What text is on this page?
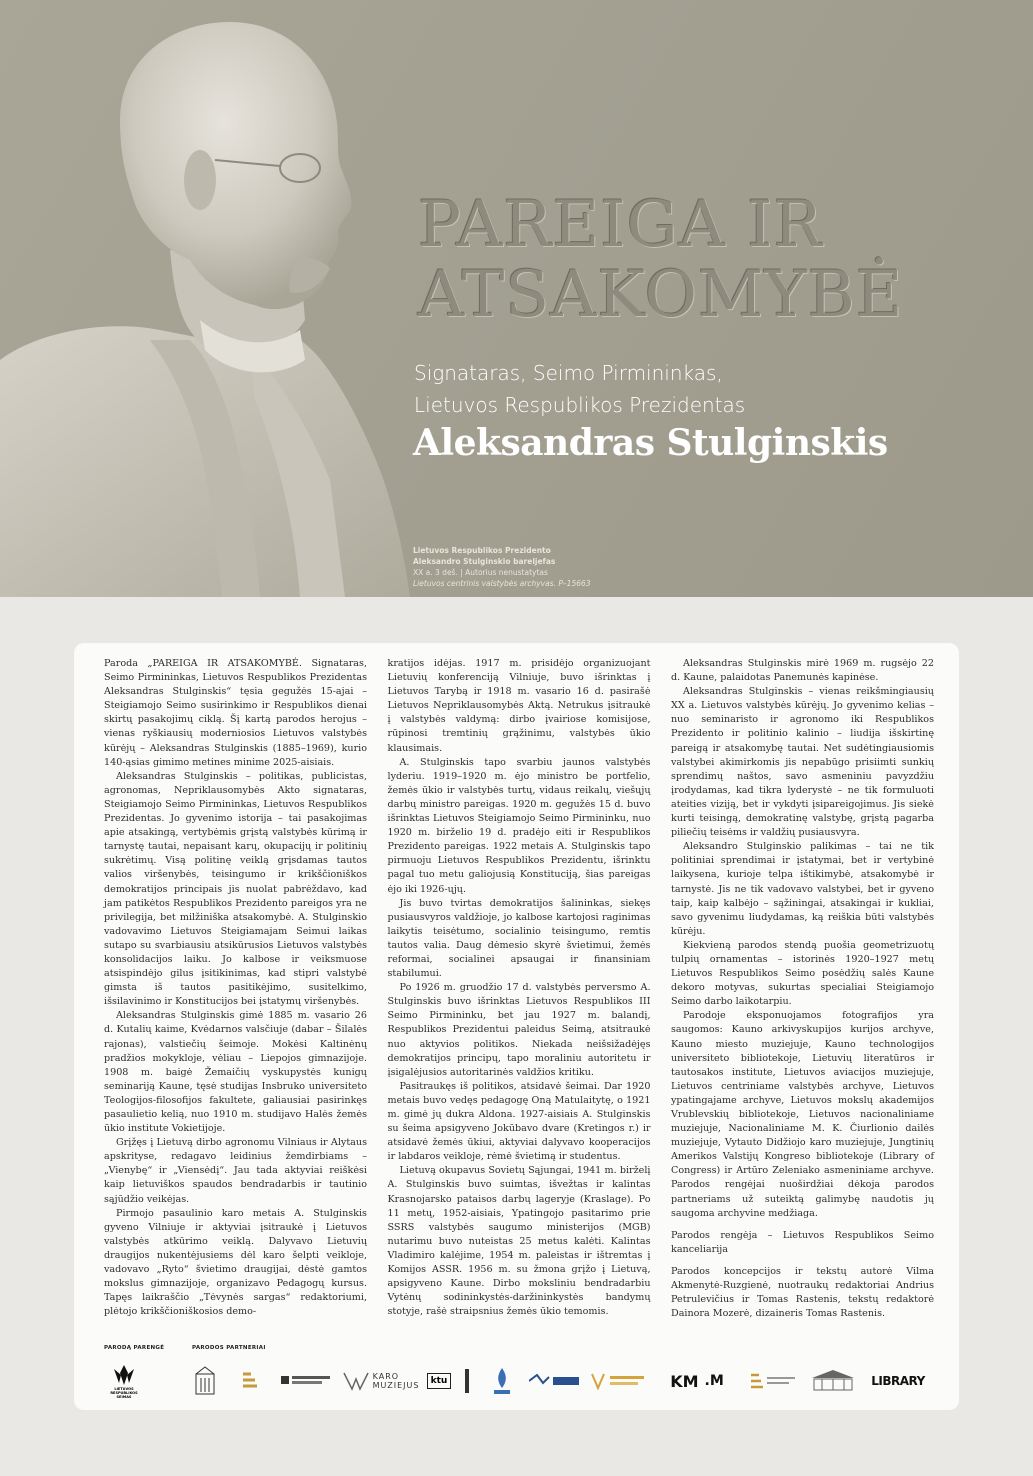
PAREIGA IR
ATSAKOMYBĖ
Signataras, Seimo Pirmininkas,
Lietuvos Respublikos Prezidentas
Aleksandras Stulginskis
Lietuvos Respublikos Prezidento
Aleksandro Stulginskio bareljefas
XX a. 3 deš. | Autorius nenustatytas
Lietuvos centrinis valstybės archyvas. P–15663

Paroda „PAREIGA IR ATSAKOMYBĖ. Signataras, Seimo Pirmininkas, Lietuvos Respublikos Prezidentas Aleksandras Stulginskis“ tęsia gegužės 15-ajai – Steigiamojo Seimo susirinkimo ir Respublikos dienai skirtų pasakojimų ciklą. Šį kartą parodos herojus – vienas ryškiausių moderniosios Lietuvos valstybės kūrėjų – Aleksandras Stulginskis (1885–1969), kurio 140-ąsias gimimo metines minime 2025-aisiais.

Aleksandras Stulginskis – politikas, publicistas, agronomas, Nepriklausomybės Akto signataras, Steigiamojo Seimo Pirmininkas, Lietuvos Respublikos Prezidentas. Jo gyvenimo istorija – tai pasakojimas apie atsakingą, vertybėmis grįstą valstybės kūrimą ir tarnystę tautai, nepaisant karų, okupacijų ir politinių sukrėtimų. Visą politinę veiklą grįsdamas tautos valios viršenybės, teisingumo ir krikščioniškos demokratijos principais jis nuolat pabrėždavo, kad jam patikėtos Respublikos Prezidento pareigos yra ne privilegija, bet milžiniška atsakomybė. A. Stulginskio vadovavimo Lietuvos Steigiamajam Seimui laikas sutapo su svarbiausiu atsikūrusios Lietuvos valstybės konsolidacijos laiku. Jo kalbose ir veiksmuose atsispindėjo gilus įsitikinimas, kad stipri valstybė gimsta iš tautos pasitikėjimo, susitelkimo, išsilavinimo ir Konstitucijos bei įstatymų viršenybės.

Aleksandras Stulginskis gimė 1885 m. vasario 26 d. Kutalių kaime, Kvėdarnos valsčiuje (dabar – Šilalės rajonas), valstiečių šeimoje. Mokėsi Kaltinėnų pradžios mokykloje, vėliau – Liepojos gimnazijoje. 1908 m. baigė Žemaičių vyskupystės kunigų seminariją Kaune, tęsė studijas Insbruko universiteto Teologijos-filosofijos fakultete, galiausiai pasirinkęs pasaulietio kelią, nuo 1910 m. studijavo Halės žemės ūkio institute Vokietijoje.

Grįžęs į Lietuvą dirbo agronomu Vilniaus ir Alytaus apskrityse, redagavo leidinius žemdirbiams – „Vienybę“ ir „Viensėdį“. Jau tada aktyviai reiškėsi kaip lietuviškos spaudos bendradarbis ir tautinio sąjūdžio veikėjas.

Pirmojo pasaulinio karo metais A. Stulginskis gyveno Vilniuje ir aktyviai įsitraukė į Lietuvos valstybės atkūrimo veiklą. Dalyvavo Lietuvių draugijos nukentėjusiems dėl karo šelpti veikloje, vadovavo „Ryto“ švietimo draugijai, dėstė gamtos mokslus gimnazijoje, organizavo Pedagogų kursus. Tapęs laikraščio „Tėvynės sargas“ redaktoriumi, plėtojo krikščioniškosios demo-

kratijos idėjas. 1917 m. prisidėjo organizuojant Lietuvių konferenciją Vilniuje, buvo išrinktas į Lietuvos Tarybą ir 1918 m. vasario 16 d. pasirašė Lietuvos Nepriklausomybės Aktą. Netrukus įsitraukė į valstybės valdymą: dirbo įvairiose komisijose, rūpinosi tremtinių grąžinimu, valstybės ūkio klausimais.

A. Stulginskis tapo svarbiu jaunos valstybės lyderiu. 1919–1920 m. ėjo ministro be portfelio, žemės ūkio ir valstybės turtų, vidaus reikalų, viešųjų darbų ministro pareigas. 1920 m. gegužės 15 d. buvo išrinktas Lietuvos Steigiamojo Seimo Pirmininku, nuo 1920 m. birželio 19 d. pradėjo eiti ir Respublikos Prezidento pareigas. 1922 metais A. Stulginskis tapo pirmuoju Lietuvos Respublikos Prezidentu, išrinktu pagal tuo metu galiojusią Konstituciją, šias pareigas ėjo iki 1926-ųjų.

Jis buvo tvirtas demokratijos šalininkas, siekęs pusiausvyros valdžioje, jo kalbose kartojosi raginimas laikytis teisėtumo, socialinio teisingumo, remtis tautos valia. Daug dėmesio skyrė švietimui, žemės reformai, socialinei apsaugai ir finansiniam stabilumui.

Po 1926 m. gruodžio 17 d. valstybės perversmo A. Stulginskis buvo išrinktas Lietuvos Respublikos III Seimo Pirmininku, bet jau 1927 m. balandį, Respublikos Prezidentui paleidus Seimą, atsitraukė nuo aktyvios politikos. Niekada neišsižadėjęs demokratijos principų, tapo moraliniu autoritetu ir įsigalėjusios autoritarinės valdžios kritiku.

Pasitraukęs iš politikos, atsidavė šeimai. Dar 1920 metais buvo vedęs pedagogę Oną Matulaitytę, o 1921 m. gimė jų dukra Aldona. 1927-aisiais A. Stulginskis su šeima apsigyveno Jokūbavo dvare (Kretingos r.) ir atsidavė žemės ūkiui, aktyviai dalyvavo kooperacijos ir labdaros veikloje, rėmė švietimą ir studentus.

Lietuvą okupavus Sovietų Sąjungai, 1941 m. birželį A. Stulginskis buvo suimtas, išvežtas ir kalintas Krasnojarsko pataisos darbų lageryje (Kraslage). Po 11 metų, 1952-aisiais, Ypatingojo pasitarimo prie SSRS valstybės saugumo ministerijos (MGB) nutarimu buvo nuteistas 25 metus kalėti. Kalintas Vladimiro kalėjime, 1954 m. paleistas ir ištremtas į Komijos ASSR. 1956 m. su žmona grįžo į Lietuvą, apsigyveno Kaune. Dirbo moksliniu bendradarbiu Vytėnų sodininkystės-daržininkystės bandymų stotyje, rašė straipsnius žemės ūkio temomis.

Aleksandras Stulginskis mirė 1969 m. rugsėjo 22 d. Kaune, palaidotas Panemunės kapinėse.

Aleksandras Stulginskis – vienas reikšmingiausių XX a. Lietuvos valstybės kūrėjų. Jo gyvenimo kelias – nuo seminaristo ir agronomo iki Respublikos Prezidento ir politinio kalinio – liudija išskirtinę pareigą ir atsakomybę tautai. Net sudėtingiausiomis valstybei akimirkomis jis nepabūgo prisiimti sunkių sprendimų naštos, savo asmeniniu pavyzdžiu įrodydamas, kad tikra lyderystė – ne tik formuluoti ateities viziją, bet ir vykdyti įsipareigojimus. Jis siekė kurti teisingą, demokratinę valstybę, grįstą pagarba piliečių teisėms ir valdžių pusiausvyra.

Aleksandro Stulginskio palikimas – tai ne tik politiniai sprendimai ir įstatymai, bet ir vertybinė laikysena, kurioje telpa ištikimybė, atsakomybė ir tarnystė. Jis ne tik vadovavo valstybei, bet ir gyveno taip, kaip kalbėjo – sąžiningai, atsakingai ir kukliai, savo gyvenimu liudydamas, ką reiškia būti valstybės kūrėju.

Kiekvieną parodos stendą puošia geometrizuotų tulpių ornamentas – istorinės 1920–1927 metų Lietuvos Respublikos Seimo posėdžių salės Kaune dekoro motyvas, sukurtas specialiai Steigiamojo Seimo darbo laikotarpiu.

Parodoje eksponuojamos fotografijos yra saugomos: Kauno arkivyskupijos kurijos archyve, Kauno miesto muziejuje, Kauno technologijos universiteto bibliotekoje, Lietuvių literatūros ir tautosakos institute, Lietuvos aviacijos muziejuje, Lietuvos centriniame valstybės archyve, Lietuvos ypatingajame archyve, Lietuvos mokslų akademijos Vrublevskių bibliotekoje, Lietuvos nacionaliniame muziejuje, Nacionaliniame M. K. Čiurlionio dailės muziejuje, Vytauto Didžiojo karo muziejuje, Jungtinių Amerikos Valstijų Kongreso bibliotekoje (Library of Congress) ir Artūro Zeleniako asmeniniame archyve. Parodos rengėjai nuoširdžiai dėkoja parodos partneriams už suteiktą galimybę naudotis jų saugoma archyvine medžiaga.

Parodos rengėja – Lietuvos Respublikos Seimo kanceliarija

Parodos koncepcijos ir tekstų autorė Vilma Akmenytė-Ruzgienė, nuotraukų redaktoriai Andrius Petrulevičius ir Tomas Rastenis, tekstų redaktorė Dainora Mozerė, dizaineris Tomas Rastenis.

PARODĄ PARENGĖ	PARODOS PARTNERIAI
LIETUVOS RESPUBLIKOS SEIMAS
KARO MUZIEJUS	ktu	KM .M	LIBRARY
